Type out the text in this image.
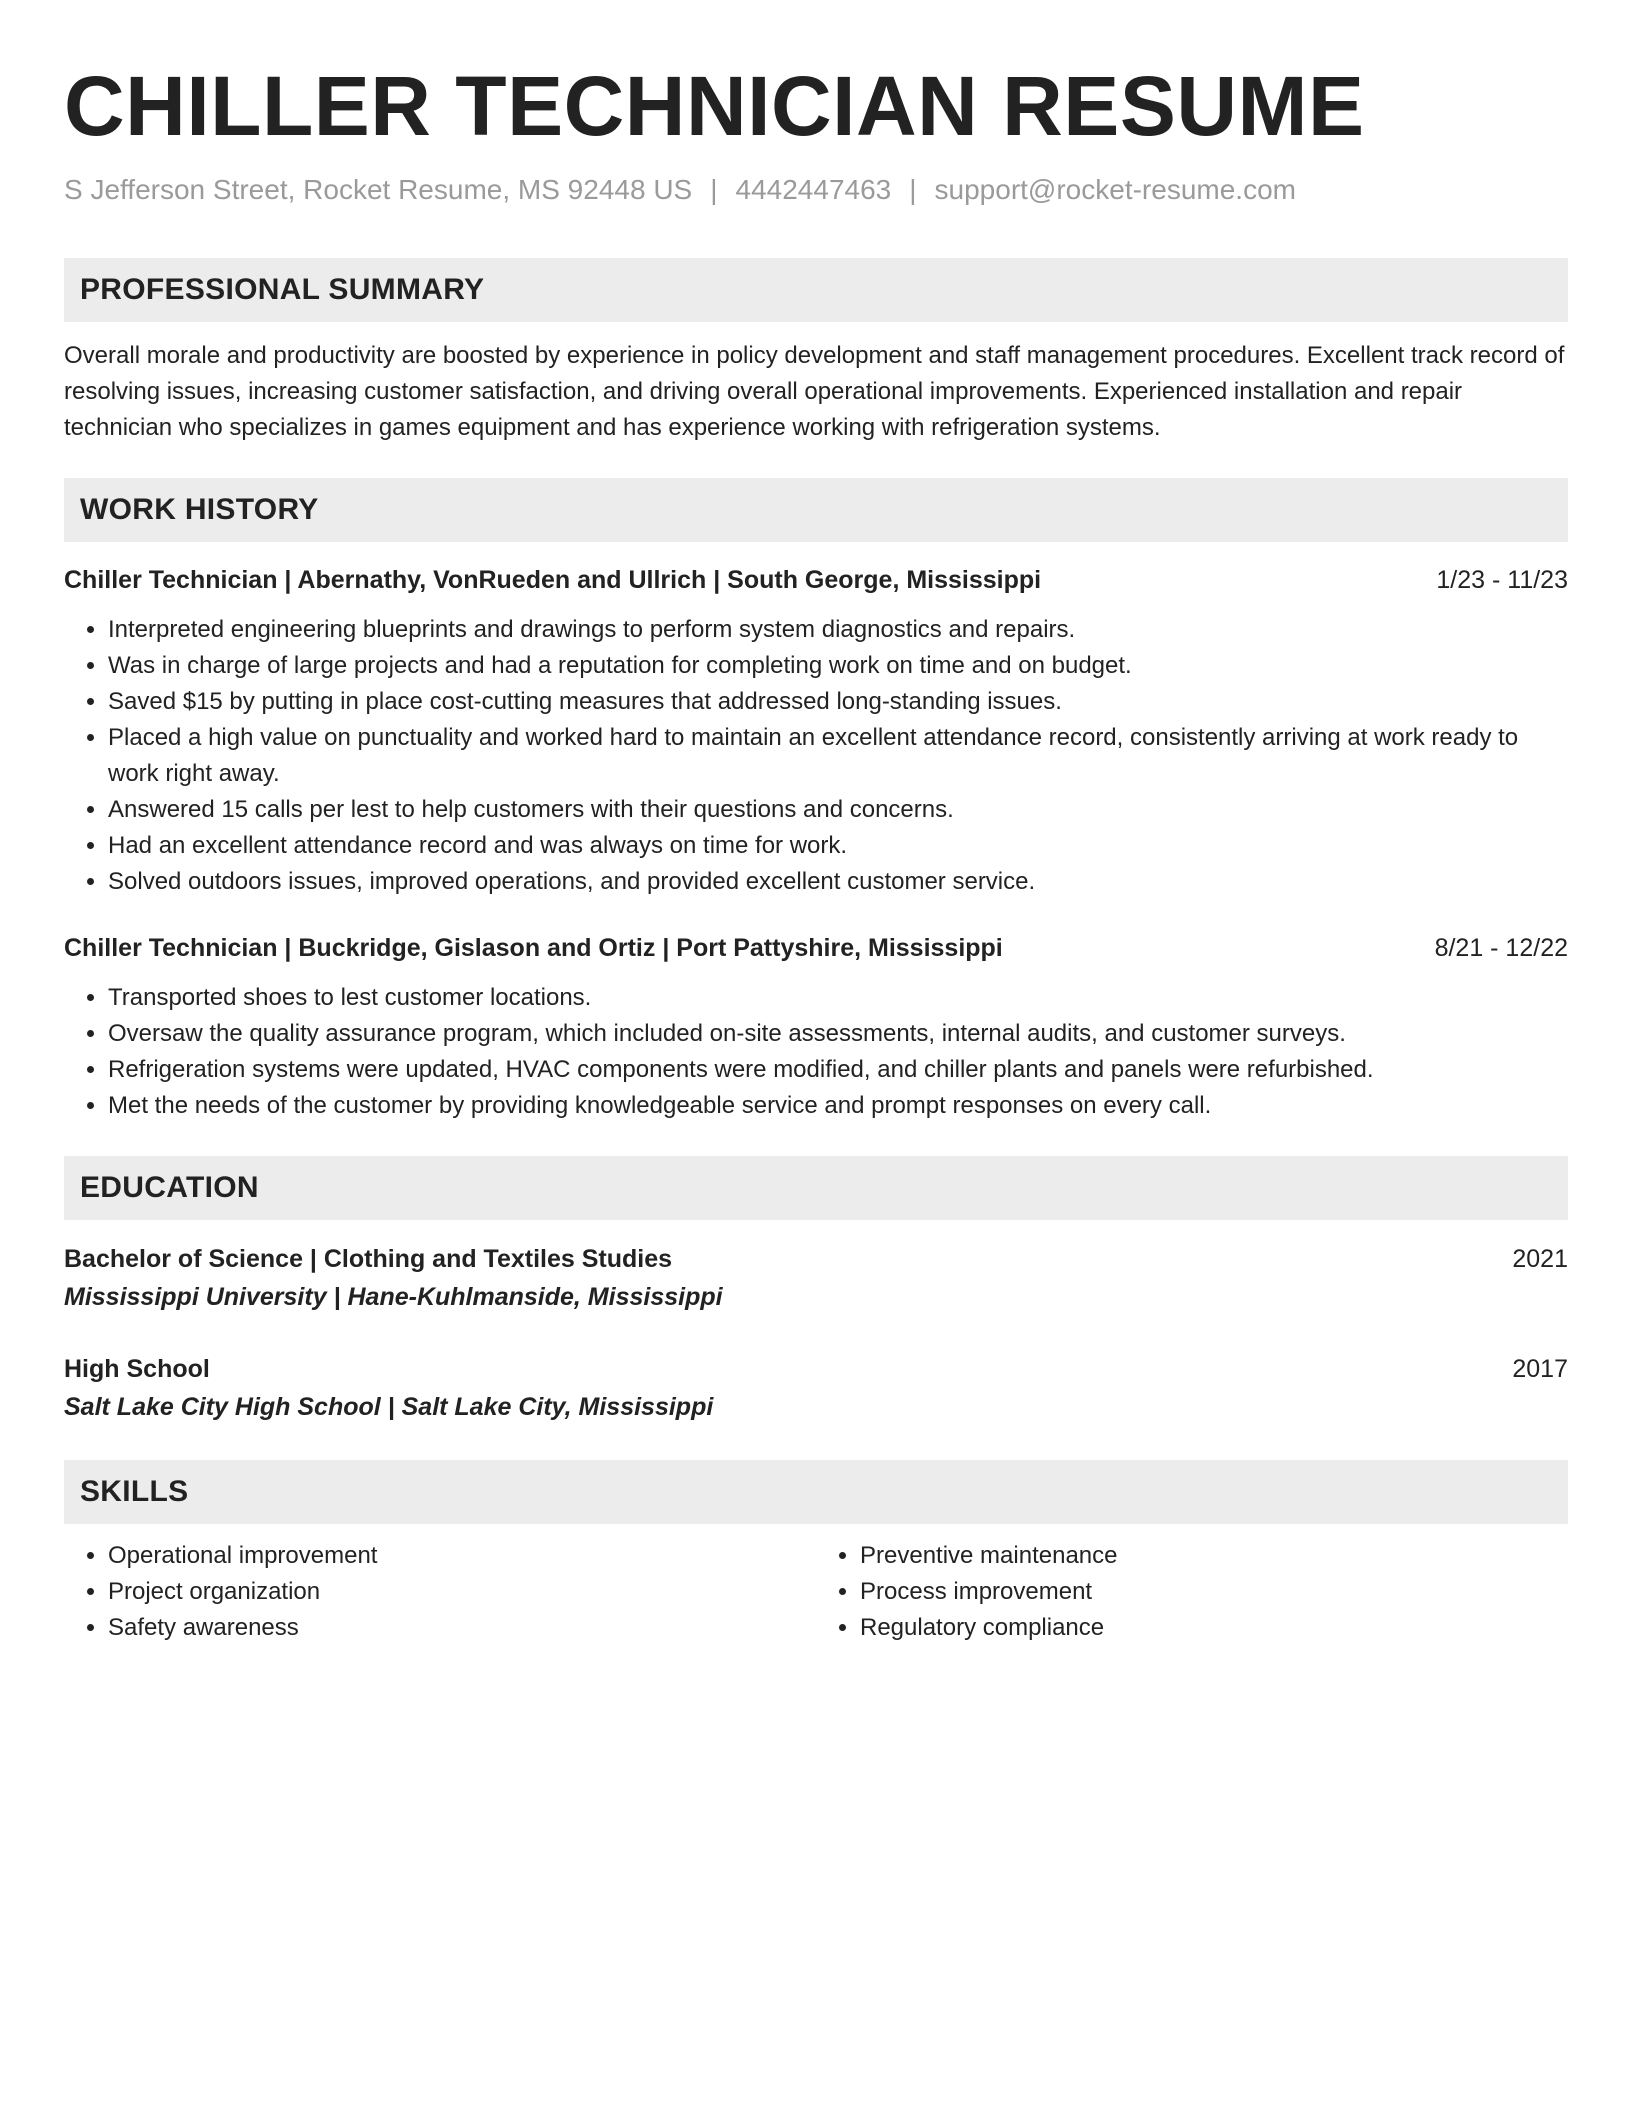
CHILLER TECHNICIAN RESUME
S Jefferson Street, Rocket Resume, MS 92448 US | 4442447463 | support@rocket-resume.com
PROFESSIONAL SUMMARY

Overall morale and productivity are boosted by experience in policy development and staff management procedures. Excellent track record of resolving issues, increasing customer satisfaction, and driving overall operational improvements. Experienced installation and repair technician who specializes in games equipment and has experience working with refrigeration systems.

WORK HISTORY
Chiller Technician | Abernathy, VonRueden and Ullrich | South George, Mississippi	1/23 - 11/23
• Interpreted engineering blueprints and drawings to perform system diagnostics and repairs.
• Was in charge of large projects and had a reputation for completing work on time and on budget.
• Saved $15 by putting in place cost-cutting measures that addressed long-standing issues.
• Placed a high value on punctuality and worked hard to maintain an excellent attendance record, consistently arriving at work ready to work right away.
• Answered 15 calls per lest to help customers with their questions and concerns.
• Had an excellent attendance record and was always on time for work.
• Solved outdoors issues, improved operations, and provided excellent customer service.
Chiller Technician | Buckridge, Gislason and Ortiz | Port Pattyshire, Mississippi	8/21 - 12/22
• Transported shoes to lest customer locations.
• Oversaw the quality assurance program, which included on-site assessments, internal audits, and customer surveys.
• Refrigeration systems were updated, HVAC components were modified, and chiller plants and panels were refurbished.
• Met the needs of the customer by providing knowledgeable service and prompt responses on every call.
EDUCATION
Bachelor of Science | Clothing and Textiles Studies	2021
Mississippi University | Hane-Kuhlmanside, Mississippi
High School	2017
Salt Lake City High School | Salt Lake City, Mississippi
SKILLS
• Operational improvement
• Project organization
• Safety awareness
• Preventive maintenance
• Process improvement
• Regulatory compliance
